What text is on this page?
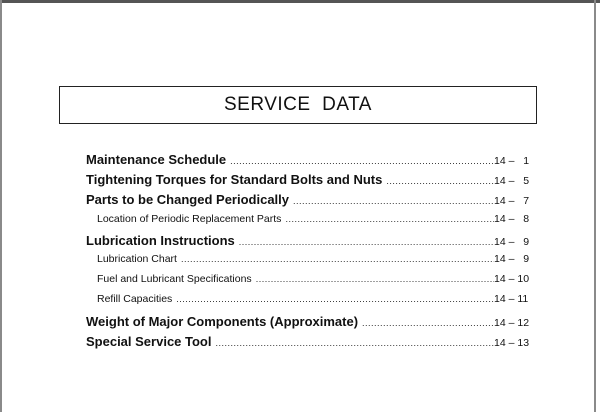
SERVICE  DATA
Maintenance Schedule .....	14 –   1
Tightening Torques for Standard Bolts and Nuts .....	14 –   5
Parts to be Changed Periodically .....	14 –   7
Location of Periodic Replacement Parts .....	14 –   8
Lubrication Instructions .....	14 –   9
Lubrication Chart .....	14 –   9
Fuel and Lubricant Specifications .....	14 – 10
Refill Capacities .....	14 – 11
Weight of Major Components (Approximate) .....	14 – 12
Special Service Tool .....	14 – 13
